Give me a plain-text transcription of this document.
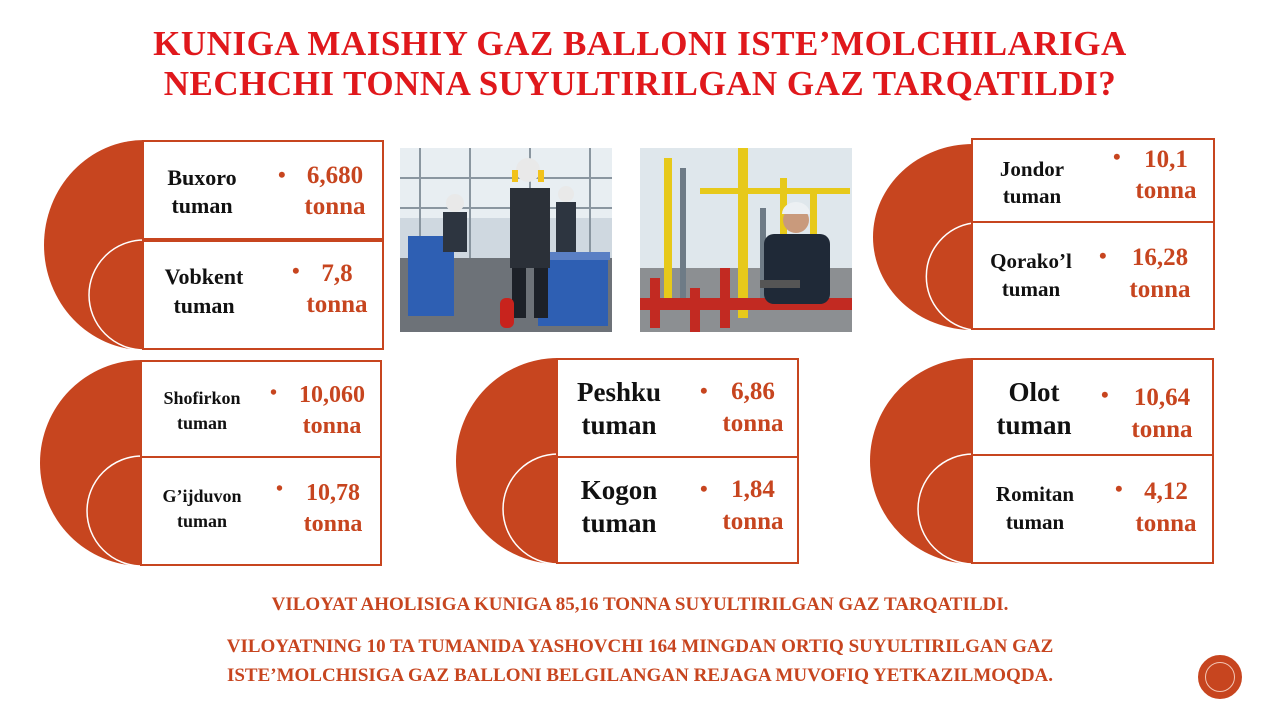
KUNIGA MAISHIY GAZ BALLONI ISTE’MOLCHILARIGA
NECHCHI TONNA SUYULTIRILGAN GAZ TARQATILDI?
Buxoro
tuman
• 6,680
tonna
Vobkent
tuman
• 7,8
tonna
Jondor
tuman
• 10,1
tonna
Qorako’l
tuman
•	16,28
tonna
Shofirkon
tuman
• 10,060
tonna
G’ijduvon
tuman
• 10,78
tonna
Peshku
tuman
• 6,86
tonna
Kogon
tuman
• 1,84
tonna
Olot
tuman
•	10,64
tonna
Romitan
tuman
• 4,12
tonna
VILOYAT AHOLISIGA KUNIGA 85,16 TONNA SUYULTIRILGAN GAZ TARQATILDI.
VILOYATNING 10 TA TUMANIDA YASHOVCHI 164 MINGDAN ORTIQ SUYULTIRILGAN GAZ
ISTE’MOLCHISIGA GAZ BALLONI BELGILANGAN REJAGA MUVOFIQ YETKAZILMOQDA.
